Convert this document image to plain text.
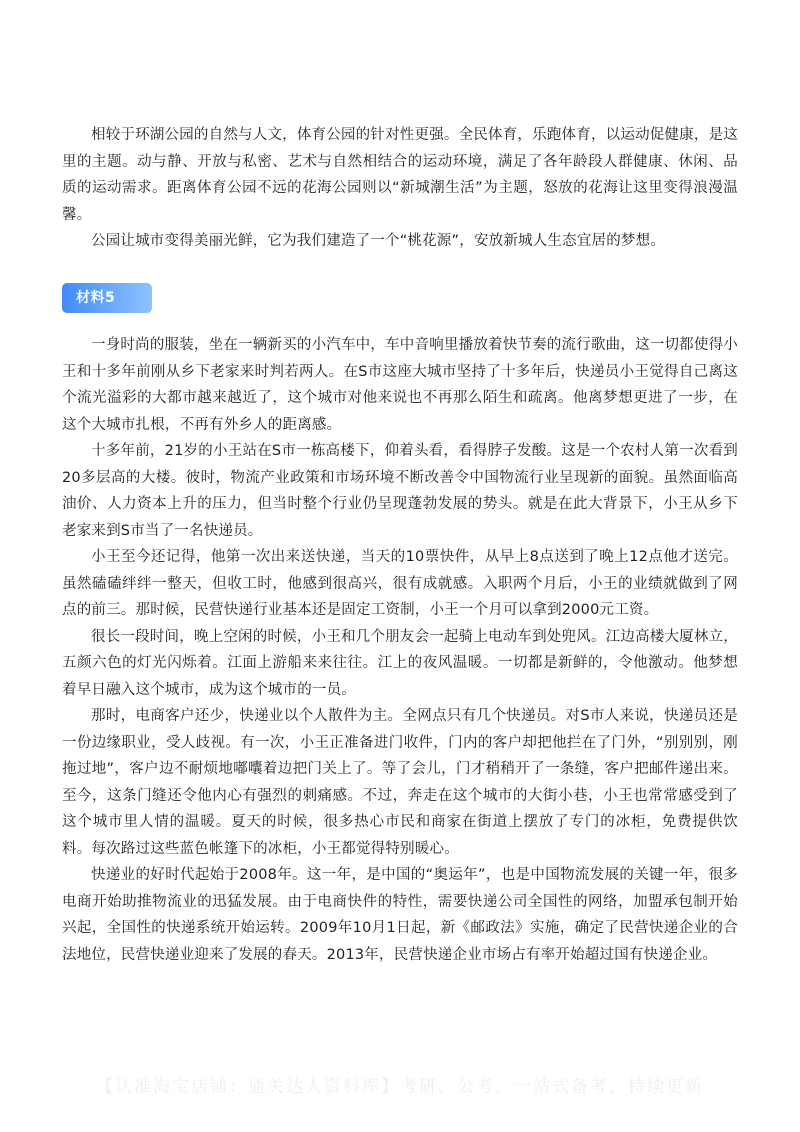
相较于环湖公园的自然与人文，体育公园的针对性更强。全民体育，乐跑体育，以运动促健康，是这里的主题。动与静、开放与私密、艺术与自然相结合的运动环境，满足了各年龄段人群健康、休闲、品质的运动需求。距离体育公园不远的花海公园则以“新城潮生活”为主题，怒放的花海让这里变得浪漫温馨。

公园让城市变得美丽光鲜，它为我们建造了一个“桃花源”，安放新城人生态宜居的梦想。

材料5

一身时尚的服装，坐在一辆新买的小汽车中，车中音响里播放着快节奏的流行歌曲，这一切都使得小王和十多年前刚从乡下老家来时判若两人。在S市这座大城市坚持了十多年后，快递员小王觉得自己离这个流光溢彩的大都市越来越近了，这个城市对他来说也不再那么陌生和疏离。他离梦想更进了一步，在这个大城市扎根，不再有外乡人的距离感。

十多年前，21岁的小王站在S市一栋高楼下，仰着头看，看得脖子发酸。这是一个农村人第一次看到20多层高的大楼。彼时，物流产业政策和市场环境不断改善令中国物流行业呈现新的面貌。虽然面临高油价、人力资本上升的压力，但当时整个行业仍呈现蓬勃发展的势头。就是在此大背景下，小王从乡下老家来到S市当了一名快递员。

小王至今还记得，他第一次出来送快递，当天的10票快件，从早上8点送到了晚上12点他才送完。虽然磕磕绊绊一整天，但收工时，他感到很高兴，很有成就感。入职两个月后，小王的业绩就做到了网点的前三。那时候，民营快递行业基本还是固定工资制，小王一个月可以拿到2000元工资。

很长一段时间，晚上空闲的时候，小王和几个朋友会一起骑上电动车到处兜风。江边高楼大厦林立，五颜六色的灯光闪烁着。江面上游船来来往往。江上的夜风温暖。一切都是新鲜的，令他激动。他梦想着早日融入这个城市，成为这个城市的一员。

那时，电商客户还少，快递业以个人散件为主。全网点只有几个快递员。对S市人来说，快递员还是一份边缘职业，受人歧视。有一次，小王正准备进门收件，门内的客户却把他拦在了门外，“别别别，刚拖过地”，客户边不耐烦地嘟囔着边把门关上了。等了会儿，门才稍稍开了一条缝，客户把邮件递出来。至今，这条门缝还令他内心有强烈的刺痛感。不过，奔走在这个城市的大街小巷，小王也常常感受到了这个城市里人情的温暖。夏天的时候，很多热心市民和商家在街道上摆放了专门的冰柜，免费提供饮料。每次路过这些蓝色帐篷下的冰柜，小王都觉得特别暖心。

快递业的好时代起始于2008年。这一年，是中国的“奥运年”，也是中国物流发展的关键一年，很多电商开始助推物流业的迅猛发展。由于电商快件的特性，需要快递公司全国性的网络，加盟承包制开始兴起，全国性的快递系统开始运转。2009年10月1日起，新《邮政法》实施，确定了民营快递企业的合法地位，民营快递业迎来了发展的春天。2013年，民营快递企业市场占有率开始超过国有快递企业。

【认准淘宝店铺：通关达人资料库】考研、公考，一站式备考，持续更新
